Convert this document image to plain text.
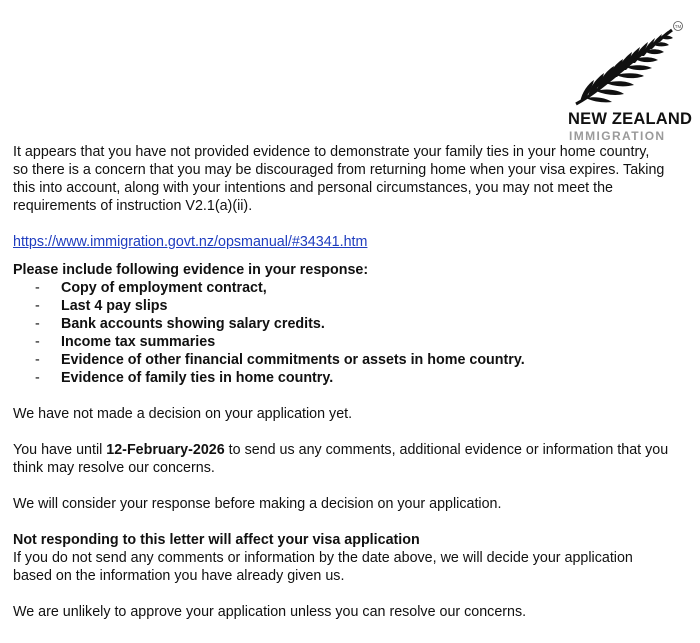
TM
NEW ZEALAND
IMMIGRATION

It appears that you have not provided evidence to demonstrate your family ties in your home country, so there is a concern that you may be discouraged from returning home when your visa expires. Taking this into account, along with your intentions and personal circumstances, you may not meet the requirements of instruction V2.1(a)(ii).

https://www.immigration.govt.nz/opsmanual/#34341.htm

Please include following evidence in your response:

- Copy of employment contract,
- Last 4 pay slips
- Bank accounts showing salary credits.
- Income tax summaries
- Evidence of other financial commitments or assets in home country.
- Evidence of family ties in home country.

We have not made a decision on your application yet.

You have until 12-February-2026 to send us any comments, additional evidence or information that you think may resolve our concerns.

We will consider your response before making a decision on your application.

Not responding to this letter will affect your visa application

If you do not send any comments or information by the date above, we will decide your application based on the information you have already given us.

We are unlikely to approve your application unless you can resolve our concerns.
